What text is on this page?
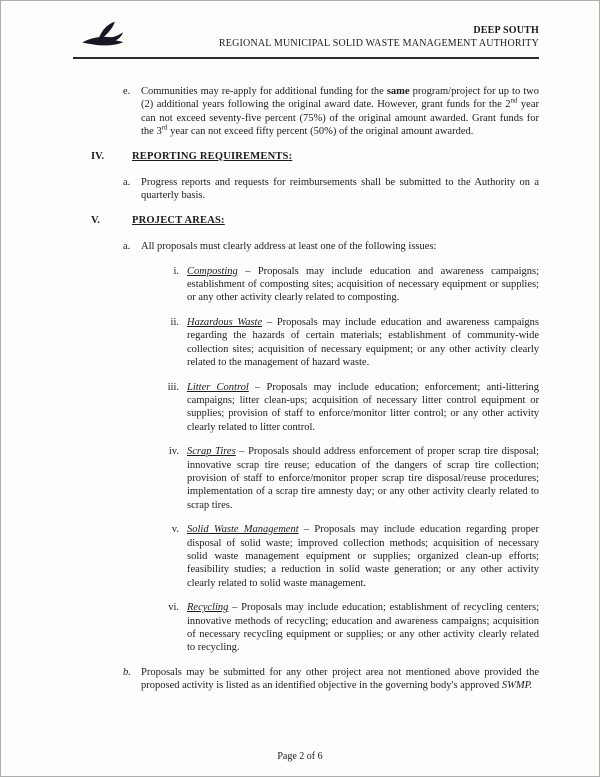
DEEP SOUTH
REGIONAL MUNICIPAL SOLID WASTE MANAGEMENT AUTHORITY
e.	Communities may re-apply for additional funding for the same program/project for up to two (2) additional years following the original award date. However, grant funds for the 2nd year can not exceed seventy-five percent (75%) of the original amount awarded. Grant funds for the 3rd year can not exceed fifty percent (50%) of the original amount awarded.
IV.	REPORTING REQUIREMENTS:
a.	Progress reports and requests for reimbursements shall be submitted to the Authority on a quarterly basis.
V.	PROJECT AREAS:
a.	All proposals must clearly address at least one of the following issues:
i. Composting – Proposals may include education and awareness campaigns; establishment of composting sites; acquisition of necessary equipment or supplies; or any other activity clearly related to composting.
ii. Hazardous Waste – Proposals may include education and awareness campaigns regarding the hazards of certain materials; establishment of community-wide collection sites; acquisition of necessary equipment; or any other activity clearly related to the management of hazard waste.
iii. Litter Control – Proposals may include education; enforcement; anti-littering campaigns; litter clean-ups; acquisition of necessary litter control equipment or supplies; provision of staff to enforce/monitor litter control; or any other activity clearly related to litter control.
iv. Scrap Tires – Proposals should address enforcement of proper scrap tire disposal; innovative scrap tire reuse; education of the dangers of scrap tire collection; provision of staff to enforce/monitor proper scrap tire disposal/reuse procedures; implementation of a scrap tire amnesty day; or any other activity clearly related to scrap tires.
v. Solid Waste Management – Proposals may include education regarding proper disposal of solid waste; improved collection methods; acquisition of necessary solid waste management equipment or supplies; organized clean-up efforts; feasibility studies; a reduction in solid waste generation; or any other activity clearly related to solid waste management.
vi. Recycling – Proposals may include education; establishment of recycling centers; innovative methods of recycling; education and awareness campaigns; acquisition of necessary recycling equipment or supplies; or any other activity clearly related to recycling.
b. Proposals may be submitted for any other project area not mentioned above provided the proposed activity is listed as an identified objective in the governing body's approved SWMP.
Page 2 of 6
